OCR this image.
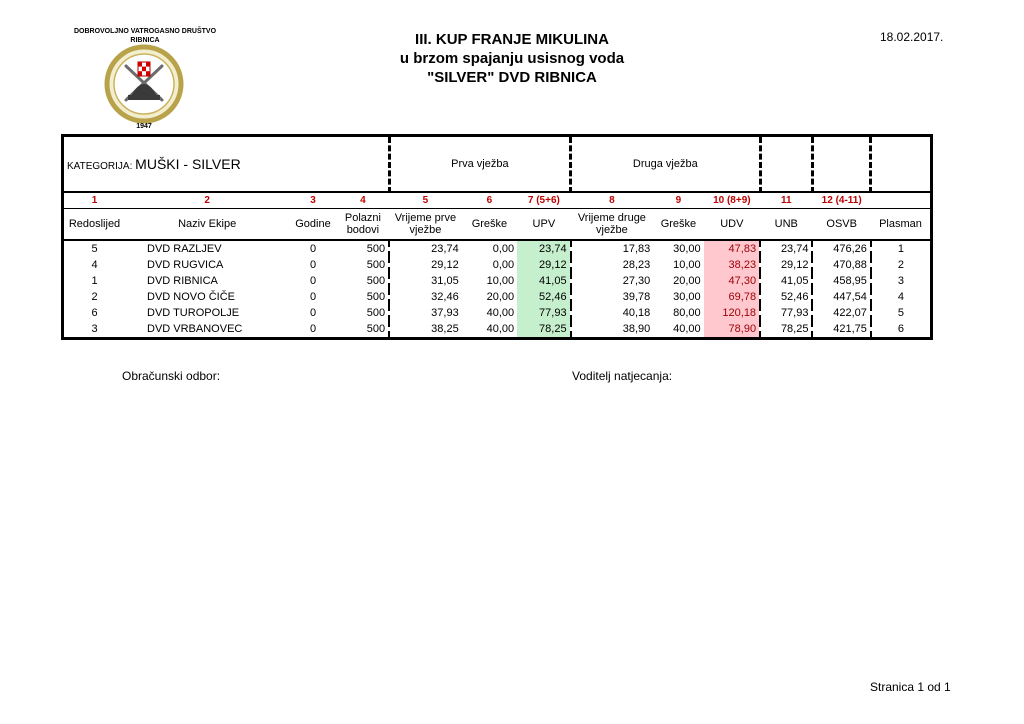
DOBROVOLJNO VATROGASNO DRUŠTVO
RIBNICA
1947
III. KUP FRANJE MIKULINA
u brzom spajanju usisnog voda
"SILVER" DVD RIBNICA
18.02.2017.
KATEGORIJA: MUŠKI - SILVER				Prva vježba			Druga vježba					
1	2	3	4	5	6	7 (5+6)	8	9	10 (8+9)	11	12 (4-11)	
Redoslijed	Naziv Ekipe	Godine	Polazni bodovi	Vrijeme prve vježbe	Greške	UPV	Vrijeme druge vježbe	Greške	UDV	UNB	OSVB	Plasman
5	DVD RAZLJEV	0	500	23,74	0,00	23,74	17,83	30,00	47,83	23,74	476,26	1
4	DVD RUGVICA	0	500	29,12	0,00	29,12	28,23	10,00	38,23	29,12	470,88	2
1	DVD RIBNICA	0	500	31,05	10,00	41,05	27,30	20,00	47,30	41,05	458,95	3
2	DVD NOVO ČIČE	0	500	32,46	20,00	52,46	39,78	30,00	69,78	52,46	447,54	4
6	DVD TUROPOLJE	0	500	37,93	40,00	77,93	40,18	80,00	120,18	77,93	422,07	5
3	DVD VRBANOVEC	0	500	38,25	40,00	78,25	38,90	40,00	78,90	78,25	421,75	6
Obračunski odbor:	Voditelj natjecanja:
Stranica 1 od 1
